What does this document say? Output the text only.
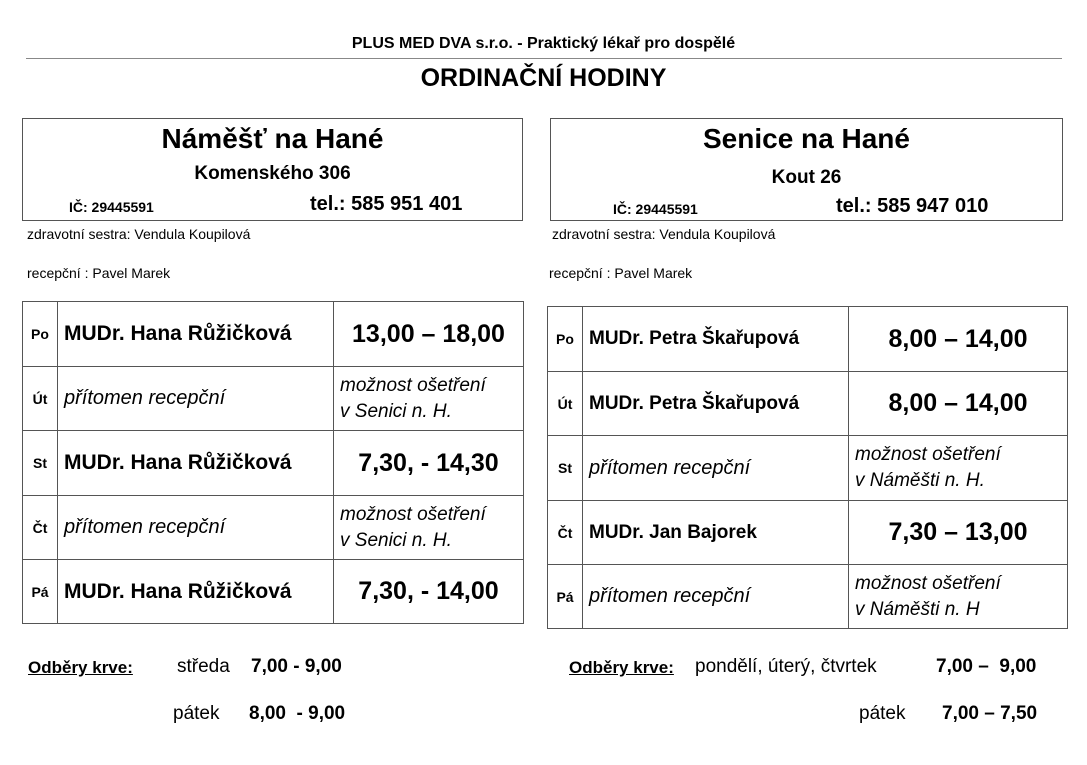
PLUS MED DVA s.r.o. - Praktický lékař pro dospělé
ORDINAČNÍ HODINY
Náměšť na Hané
Komenského 306
IČ: 29445591	tel.: 585 951 401
zdravotní sestra: Vendula Koupilová
recepční : Pavel Marek
Senice na Hané
Kout 26
IČ: 29445591	tel.: 585 947 010
zdravotní sestra: Vendula Koupilová
recepční : Pavel Marek
Po	MUDr. Hana Růžičková	13,00 – 18,00
Út	přítomen recepční	možnost ošetření
v Senici n. H.

St	MUDr. Hana Růžičková	7,30, - 14,30
Čt	přítomen recepční	možnost ošetření
v Senici n. H.

Pá	MUDr. Hana Růžičková	7,30, - 14,00
Po	MUDr. Petra Škařupová	8,00 – 14,00
Út	MUDr. Petra Škařupová	8,00 – 14,00
St	přítomen recepční	možnost ošetření
v Náměšti n. H.

Čt	MUDr. Jan Bajorek	7,30 – 13,00
Pá	přítomen recepční	možnost ošetření
v Náměšti n. H
Odběry krve: středa 7,00 - 9,00
pátek 8,00  - 9,00
Odběry krve: pondělí, úterý, čtvrtek	7,00 –  9,00
pátek 7,00 – 7,50
